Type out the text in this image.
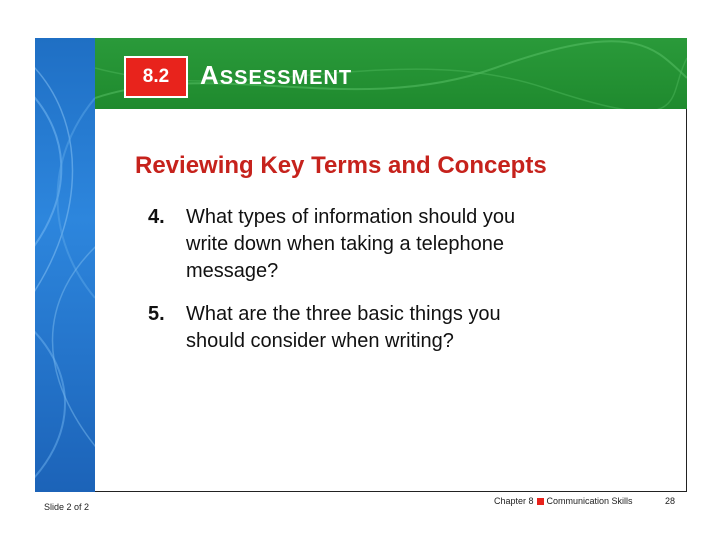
8.2	ASSESSMENT
Reviewing Key Terms and Concepts
4. What types of information should you
write down when taking a telephone
message?
5. What are the three basic things you
should consider when writing?
Slide 2 of 2
Chapter 8 Communication Skills	28
